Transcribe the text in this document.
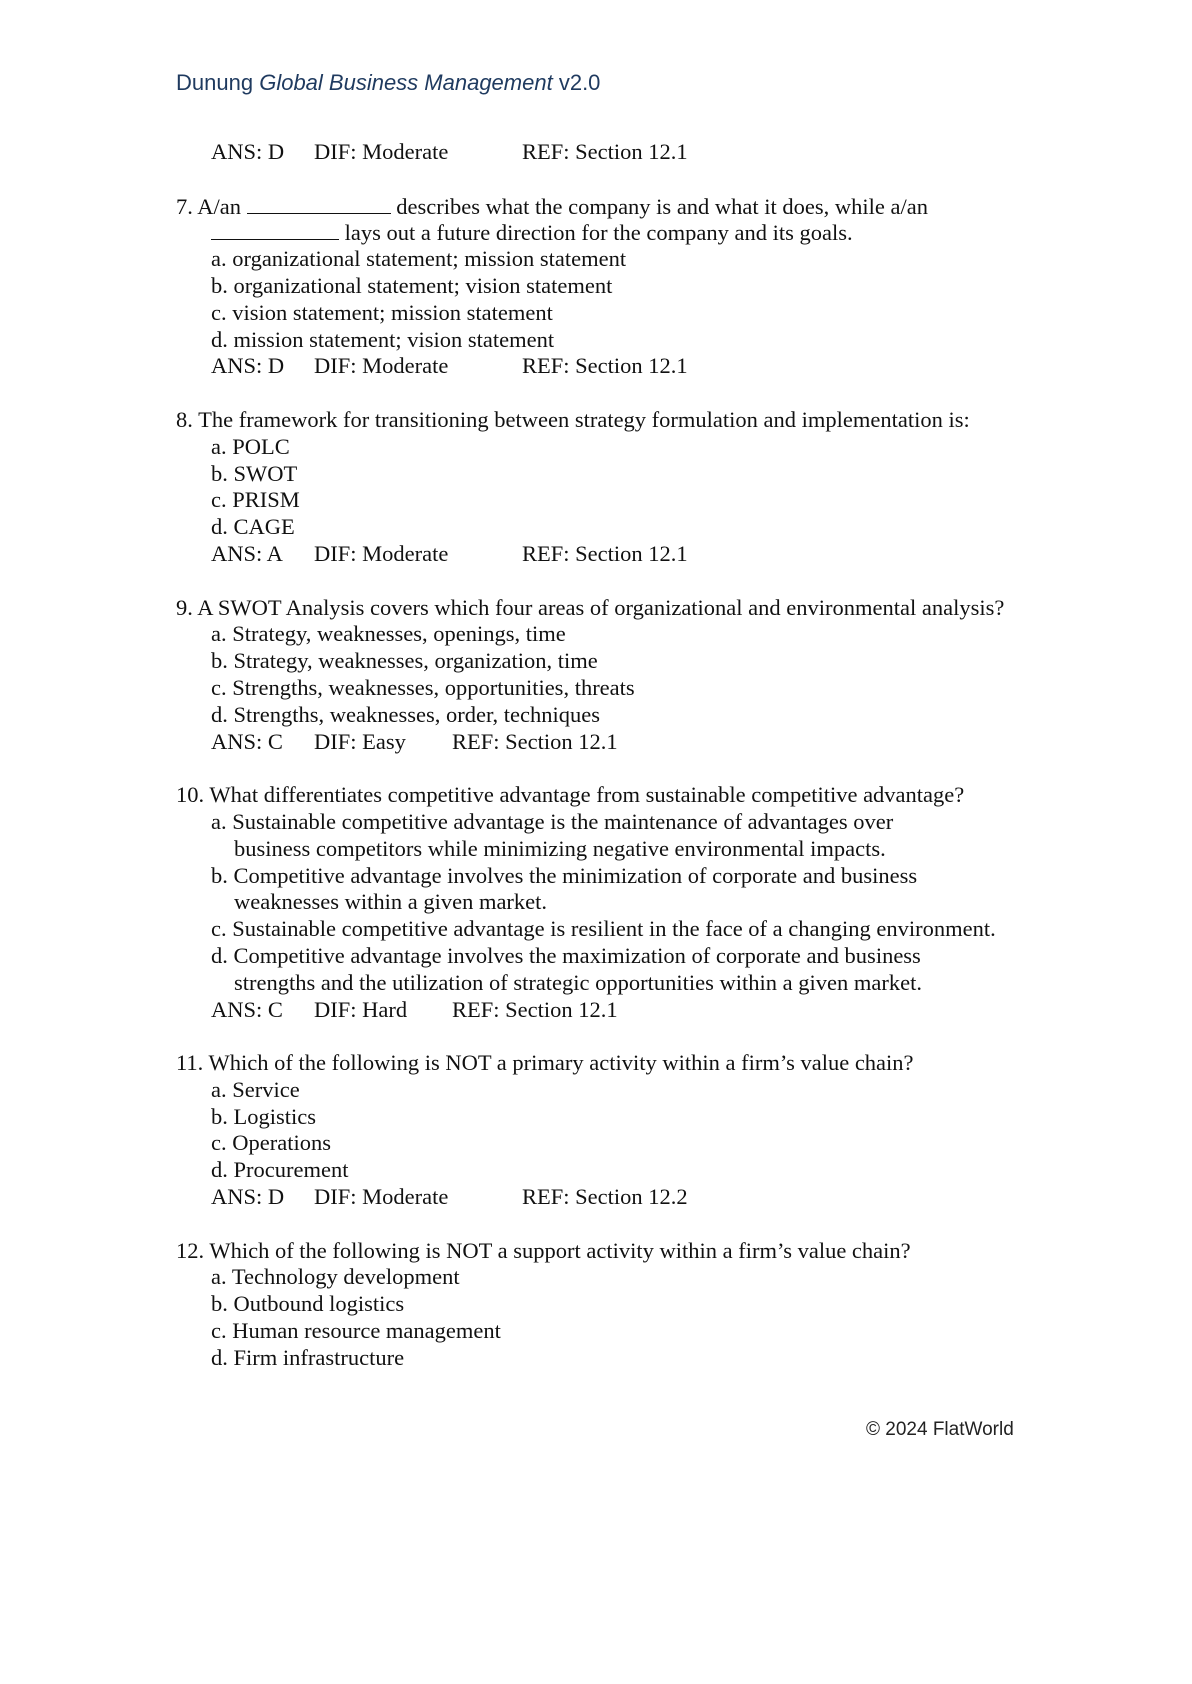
Dunung Global Business Management v2.0
ANS: D DIF: Moderate	REF: Section 12.1
7. A/an	describes what the company is and what it does, while a/an
lays out a future direction for the company and its goals.
a. organizational statement; mission statement
b. organizational statement; vision statement
c. vision statement; mission statement
d. mission statement; vision statement
ANS: D DIF: Moderate	REF: Section 12.1
8. The framework for transitioning between strategy formulation and implementation is:
a. POLC
b. SWOT
c. PRISM
d. CAGE
ANS: A DIF: Moderate	REF: Section 12.1
9. A SWOT Analysis covers which four areas of organizational and environmental analysis?
a. Strategy, weaknesses, openings, time
b. Strategy, weaknesses, organization, time
c. Strengths, weaknesses, opportunities, threats
d. Strengths, weaknesses, order, techniques
ANS: C DIF: Easy REF: Section 12.1
10. What differentiates competitive advantage from sustainable competitive advantage?
a. Sustainable competitive advantage is the maintenance of advantages over
business competitors while minimizing negative environmental impacts.
b. Competitive advantage involves the minimization of corporate and business
weaknesses within a given market.
c. Sustainable competitive advantage is resilient in the face of a changing environment.
d. Competitive advantage involves the maximization of corporate and business
strengths and the utilization of strategic opportunities within a given market.
ANS: C DIF: Hard REF: Section 12.1
11. Which of the following is NOT a primary activity within a firm’s value chain?
a. Service
b. Logistics
c. Operations
d. Procurement
ANS: D DIF: Moderate	REF: Section 12.2
12. Which of the following is NOT a support activity within a firm’s value chain?
a. Technology development
b. Outbound logistics
c. Human resource management
d. Firm infrastructure
© 2024 FlatWorld
